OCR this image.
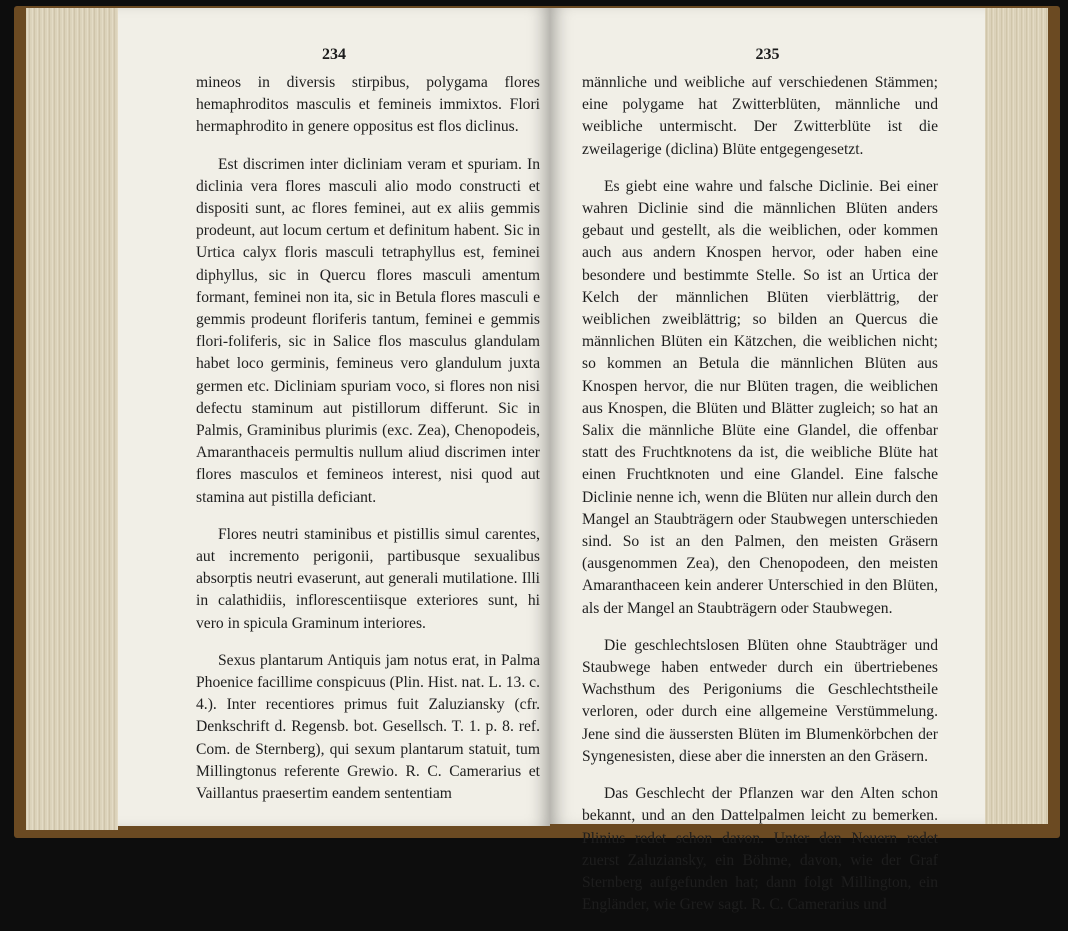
234

mineos in diversis stirpibus, polygama flores hemaphroditos masculis et femineis immixtos. Flori hermaphrodito in genere oppositus est flos diclinus.

Est discrimen inter dicliniam veram et spuriam. In diclinia vera flores masculi alio modo constructi et dispositi sunt, ac flores feminei, aut ex aliis gemmis prodeunt, aut locum certum et definitum habent. Sic in Urtica calyx floris masculi tetraphyllus est, feminei diphyllus, sic in Quercu flores masculi amentum formant, feminei non ita, sic in Betula flores masculi e gemmis prodeunt floriferis tantum, feminei e gemmis flori-foliferis, sic in Salice flos masculus glandulam habet loco germinis, femineus vero glandulum juxta germen etc. Dicliniam spuriam voco, si flores non nisi defectu staminum aut pistillorum differunt. Sic in Palmis, Graminibus plurimis (exc. Zea), Chenopodeis, Amaranthaceis permultis nullum aliud discrimen inter flores masculos et femineos interest, nisi quod aut stamina aut pistilla deficiant.

Flores neutri staminibus et pistillis simul carentes, aut incremento perigonii, partibusque sexualibus absorptis neutri evaserunt, aut generali mutilatione. Illi in calathidiis, inflorescentiisque exteriores sunt, hi vero in spicula Graminum interiores.

Sexus plantarum Antiquis jam notus erat, in Palma Phoenice facillime conspicuus (Plin. Hist. nat. L. 13. c. 4.). Inter recentiores primus fuit Zaluziansky (cfr. Denkschrift d. Regensb. bot. Gesellsch. T. 1. p. 8. ref. Com. de Sternberg), qui sexum plantarum statuit, tum Millingtonus referente Grewio. R. C. Camerarius et Vaillantus praesertim eandem sententiam

235

männliche und weibliche auf verschiedenen Stämmen; eine polygame hat Zwitterblüten, männliche und weibliche untermischt. Der Zwitterblüte ist die zweilagerige (diclina) Blüte entgegengesetzt.

Es giebt eine wahre und falsche Diclinie. Bei einer wahren Diclinie sind die männlichen Blüten anders gebaut und gestellt, als die weiblichen, oder kommen auch aus andern Knospen hervor, oder haben eine besondere und bestimmte Stelle. So ist an Urtica der Kelch der männlichen Blüten vierblättrig, der weiblichen zweiblättrig; so bilden an Quercus die männlichen Blüten ein Kätzchen, die weiblichen nicht; so kommen an Betula die männlichen Blüten aus Knospen hervor, die nur Blüten tragen, die weiblichen aus Knospen, die Blüten und Blätter zugleich; so hat an Salix die männliche Blüte eine Glandel, die offenbar statt des Fruchtknotens da ist, die weibliche Blüte hat einen Fruchtknoten und eine Glandel. Eine falsche Diclinie nenne ich, wenn die Blüten nur allein durch den Mangel an Staubträgern oder Staubwegen unterschieden sind. So ist an den Palmen, den meisten Gräsern (ausgenommen Zea), den Chenopodeen, den meisten Amaranthaceen kein anderer Unterschied in den Blüten, als der Mangel an Staubträgern oder Staubwegen.

Die geschlechtslosen Blüten ohne Staubträger und Staubwege haben entweder durch ein übertriebenes Wachsthum des Perigoniums die Geschlechtstheile verloren, oder durch eine allgemeine Verstümmelung. Jene sind die äussersten Blüten im Blumenkörbchen der Syngenesisten, diese aber die innersten an den Gräsern.

Das Geschlecht der Pflanzen war den Alten schon bekannt, und an den Dattelpalmen leicht zu bemerken. Plinius redet schon davon. Unter den Neuern redet zuerst Zaluziansky, ein Böhme, davon, wie der Graf Sternberg aufgefunden hat; dann folgt Millington, ein Engländer, wie Grew sagt. R. C. Camerarius und
